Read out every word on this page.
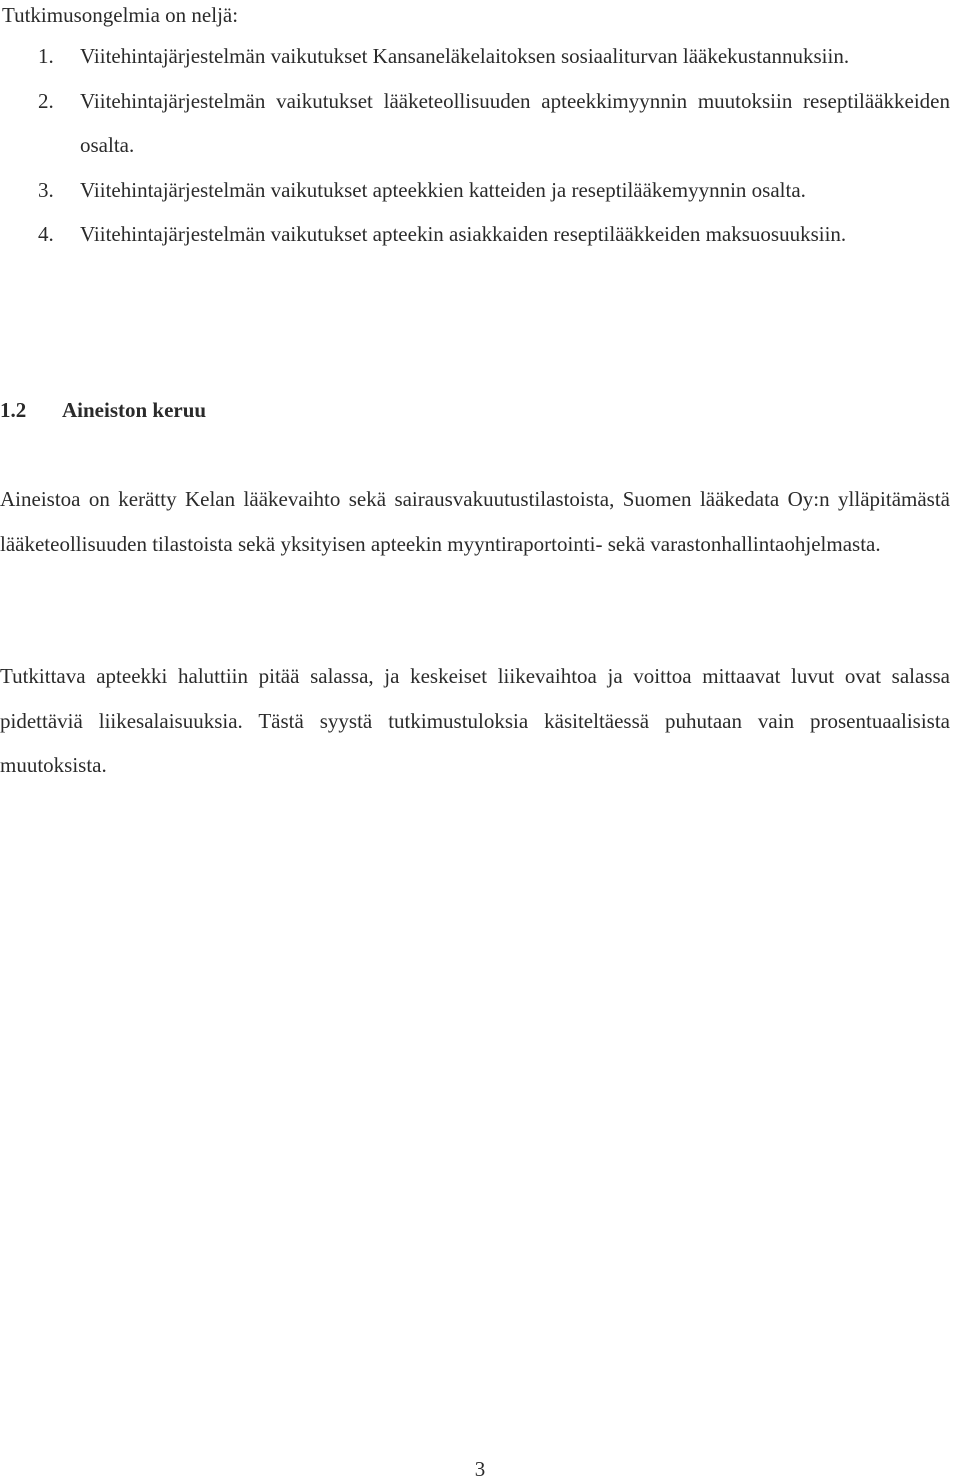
Tutkimusongelmia on neljä:

1. Viitehintajärjestelmän vaikutukset Kansaneläkelaitoksen sosiaaliturvan lääkekustannuksiin.
2. Viitehintajärjestelmän vaikutukset lääketeollisuuden apteekkimyynnin muutoksiin reseptilääkkeiden osalta.
3. Viitehintajärjestelmän vaikutukset apteekkien katteiden ja reseptilääkemyynnin osalta.
4. Viitehintajärjestelmän vaikutukset apteekin asiakkaiden reseptilääkkeiden maksuosuuksiin.
1.2 Aineiston keruu

Aineistoa on kerätty Kelan lääkevaihto sekä sairausvakuutustilastoista, Suomen lääkedata Oy:n ylläpitämästä lääketeollisuuden tilastoista sekä yksityisen apteekin myyntiraportointi- sekä varastonhallintaohjelmasta.

Tutkittava apteekki haluttiin pitää salassa, ja keskeiset liikevaihtoa ja voittoa mittaavat luvut ovat salassa pidettäviä liikesalaisuuksia. Tästä syystä tutkimustuloksia käsiteltäessä puhutaan vain prosentuaalisista muutoksista.

3
